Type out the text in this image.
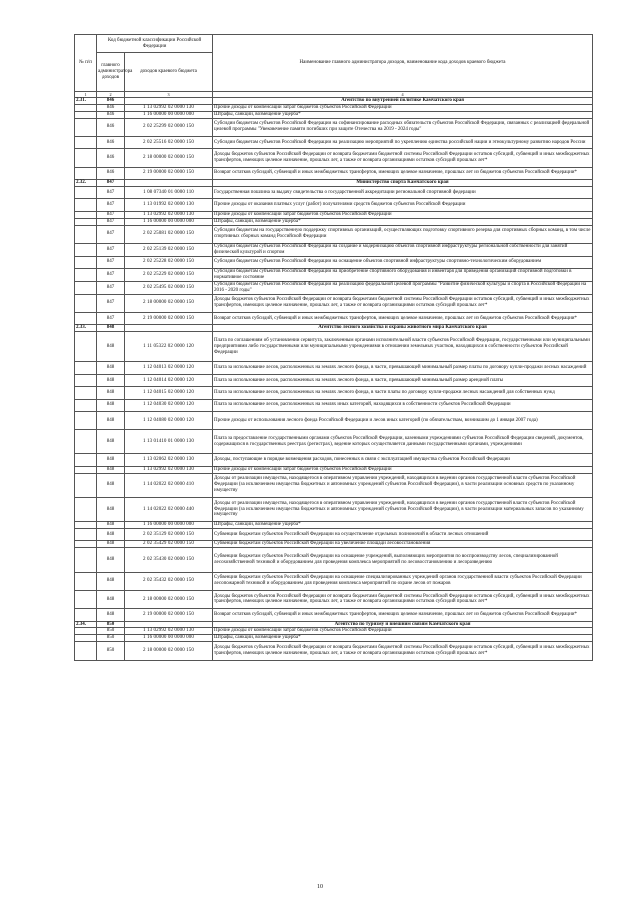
№ п/п	Код бюджетной классификации Российской Федерации		Наименование главного администратора доходов, наименование кода доходов краевого бюджета
	главного администратора доходов	доходов краевого бюджета	
1	2	3	4
2.31.	846		Агентство по внутренней политике Камчатского края
	846	1 13 02992 02 0000 130	Прочие доходы от компенсации затрат бюджетов субъектов Российской Федерации
	846	1 16 00000 00 0000 000	Штрафы, санкции, возмещение ущерба*
	846	2 02 25299 02 0000 150	Субсидии бюджетам субъектов Российской Федерации на софинансирование расходных обязательств субъектов Российской Федерации, связанных с реализацией федеральной целевой программы "Увековечение памяти погибших при защите Отечества на 2019 - 2024 годы"
	846	2 02 25516 02 0000 150	Субсидии бюджетам субъектов Российской Федерации на реализацию мероприятий по укреплению единства российской нации и этнокультурному развитию народов России
	846	2 18 00000 02 0000 150	Доходы бюджетов субъектов Российской Федерации от возврата бюджетами бюджетной системы Российской Федерации остатков субсидий, субвенций и иных межбюджетных трансфертов, имеющих целевое назначение, прошлых лет, а также от возврата организациями остатков субсидий прошлых лет*
	846	2 19 00000 02 0000 150	Возврат остатков субсидий, субвенций и иных межбюджетных трансфертов, имеющих целевое назначение, прошлых лет из бюджетов субъектов Российской Федерации*
2.32.	847		Министерство спорта Камчатского края
	847	1 08 07340 01 0000 110	Государственная пошлина за выдачу свидетельства о государственной аккредитации региональной спортивной федерации
	847	1 13 01992 02 0000 130	Прочие доходы от оказания платных услуг (работ) получателями средств бюджетов субъектов Российской Федерации
	847	1 13 02992 02 0000 130	Прочие доходы от компенсации затрат бюджетов субъектов Российской Федерации
	847	1 16 00000 00 0000 000	Штрафы, санкции, возмещение ущерба*
	847	2 02 25081 02 0000 150	Субсидии бюджетам на государственную поддержку спортивных организаций, осуществляющих подготовку спортивного резерва для спортивных сборных команд, в том числе спортивных сборных команд Российской Федерации
	847	2 02 25139 02 0000 150	Субсидии бюджетам субъектов Российской Федерации на создание и модернизацию объектов спортивной инфраструктуры региональной собственности для занятий физической культурой и спортом
	847	2 02 25228 02 0000 150	Субсидии бюджетам субъектов Российской Федерации на оснащение объектов спортивной инфраструктуры спортивно-технологическим оборудованием
	847	2 02 25229 02 0000 150	Субсидии бюджетам субъектов Российской Федерации на приобретение спортивного оборудования и инвентаря для приведения организаций спортивной подготовки в нормативное состояние
	847	2 02 25495 02 0000 150	Субсидии бюджетам субъектов Российской Федерации на реализацию федеральной целевой программы "Развитие физической культуры и спорта в Российской Федерации на 2016 - 2020 годы"
	847	2 18 00000 02 0000 150	Доходы бюджетов субъектов Российской Федерации от возврата бюджетами бюджетной системы Российской Федерации остатков субсидий, субвенций и иных межбюджетных трансфертов, имеющих целевое назначение, прошлых лет, а также от возврата организациями остатков субсидий прошлых лет*
	847	2 19 00000 02 0000 150	Возврат остатков субсидий, субвенций и иных межбюджетных трансфертов, имеющих целевое назначение, прошлых лет из бюджетов субъектов Российской Федерации*
2.33.	848		Агентство лесного хозяйства и охраны животного мира Камчатского края
	848	1 11 05322 02 0000 120	Плата по соглашениям об установлении сервитута, заключенным органами исполнительной власти субъектов Российской Федерации, государственными или муниципальными предприятиями либо государственными или муниципальными учреждениями в отношении земельных участков, находящихся в собственности субъектов Российской Федерации
	848	1 12 04013 02 0000 120	Плата за использование лесов, расположенных на землях лесного фонда, в части, превышающей минимальный размер платы по договору купли-продажи лесных насаждений
	848	1 12 04014 02 0000 120	Плата за использование лесов, расположенных на землях лесного фонда, в части, превышающей минимальный размер арендной платы
	848	1 12 04015 02 0000 120	Плата за использование лесов, расположенных на землях лесного фонда, в части платы по договору купли-продажи лесных насаждений для собственных нужд
	848	1 12 04030 02 0000 120	Плата за использование лесов, расположенных на землях иных категорий, находящихся в собственности субъектов Российской Федерации
	848	1 12 04080 02 0000 120	Прочие доходы от использования лесного фонда Российской Федерации и лесов иных категорий (по обязательствам, возникшим до 1 января 2007 года)
	848	1 13 01410 01 0000 130	Плата за предоставление государственными органами субъектов Российской Федерации, казенными учреждениями субъектов Российской Федерации сведений, документов, содержащихся в государственных реестрах (регистрах), ведение которых осуществляется данными государственными органами, учреждениями
	848	1 13 02062 02 0000 130	Доходы, поступающие в порядке возмещения расходов, понесенных в связи с эксплуатацией имущества субъектов Российской Федерации
	848	1 13 02992 02 0000 130	Прочие доходы от компенсации затрат бюджетов субъектов Российской Федерации
	848	1 14 02022 02 0000 410	Доходы от реализации имущества, находящегося в оперативном управлении учреждений, находящихся в ведении органов государственной власти субъектов Российской Федерации (за исключением имущества бюджетных и автономных учреждений субъектов Российской Федерации), в части реализации основных средств по указанному имуществу
	848	1 14 02022 02 0000 440	Доходы от реализации имущества, находящегося в оперативном управлении учреждений, находящихся в ведении органов государственной власти субъектов Российской Федерации (за исключением имущества бюджетных и автономных учреждений субъектов Российской Федерации), в части реализации материальных запасов по указанному имуществу
	848	1 16 00000 00 0000 000	Штрафы, санкции, возмещение ущерба*
	848	2 02 35129 02 0000 150	Субвенции бюджетам субъектов Российской Федерации на осуществление отдельных полномочий в области лесных отношений
	848	2 02 35429 02 0000 150	Субвенции бюджетам субъектов Российской Федерации на увеличение площади лесовосстановления
	848	2 02 35430 02 0000 150	Субвенции бюджетам субъектов Российской Федерации на оснащение учреждений, выполняющих мероприятия по воспроизводству лесов, специализированной лесохозяйственной техникой и оборудованием для проведения комплекса мероприятий по лесовосстановлению и лесоразведению
	848	2 02 35432 02 0000 150	Субвенции бюджетам субъектов Российской Федерации на оснащение специализированных учреждений органов государственной власти субъектов Российской Федерации лесопожарной техникой и оборудованием для проведения комплекса мероприятий по охране лесов от пожаров
	848	2 18 00000 02 0000 150	Доходы бюджетов субъектов Российской Федерации от возврата бюджетами бюджетной системы Российской Федерации остатков субсидий, субвенций и иных межбюджетных трансфертов, имеющих целевое назначение, прошлых лет, а также от возврата организациями остатков субсидий прошлых лет*
	848	2 19 00000 02 0000 150	Возврат остатков субсидий, субвенций и иных межбюджетных трансфертов, имеющих целевое назначение, прошлых лет из бюджетов субъектов Российской Федерации*
2.34.	850		Агентство по туризму и внешним связям Камчатского края
	850	1 13 02992 02 0000 130	Прочие доходы от компенсации затрат бюджетов субъектов Российской Федерации
	850	1 16 00000 00 0000 000	Штрафы, санкции, возмещение ущерба*
	850	2 18 00000 02 0000 150	Доходы бюджетов субъектов Российской Федерации от возврата бюджетами бюджетной системы Российской Федерации остатков субсидий, субвенций и иных межбюджетных трансфертов, имеющих целевое назначение, прошлых лет, а также от возврата организациями остатков субсидий прошлых лет*
10
